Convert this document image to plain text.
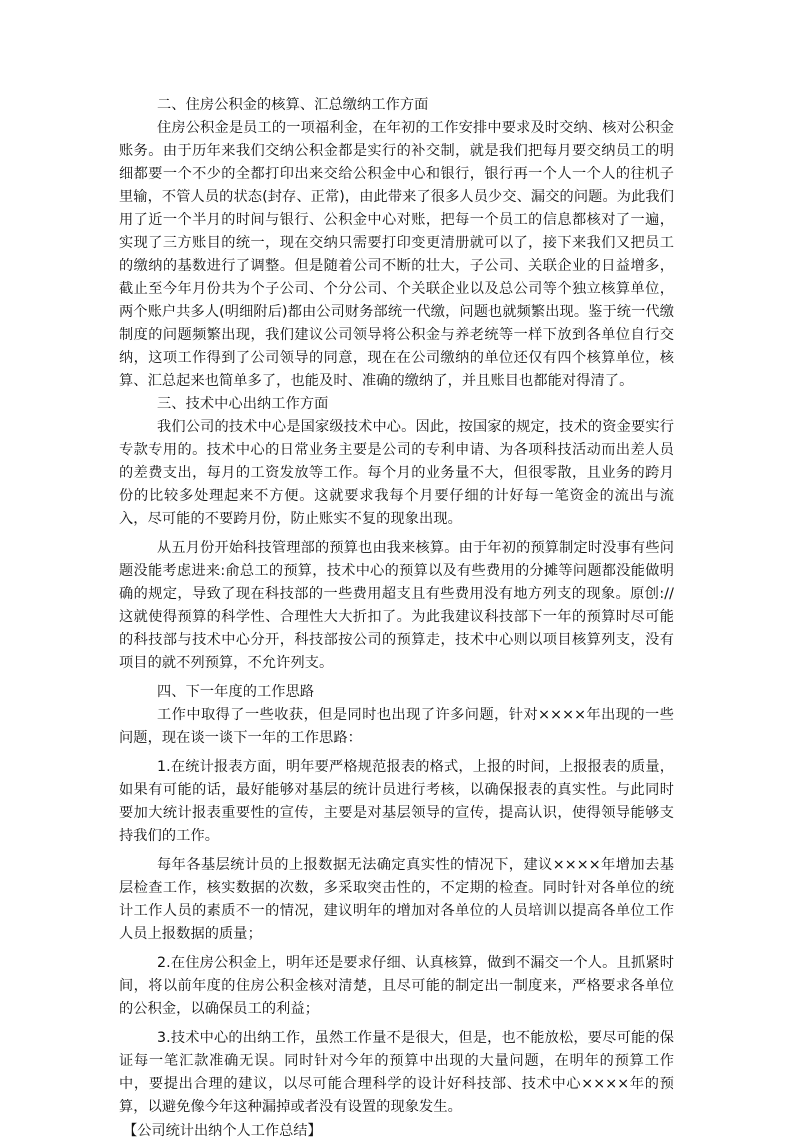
二、住房公积金的核算、汇总缴纳工作方面

住房公积金是员工的一项福利金，在年初的工作安排中要求及时交纳、核对公积金账务。由于历年来我们交纳公积金都是实行的补交制，就是我们把每月要交纳员工的明细都要一个不少的全都打印出来交给公积金中心和银行，银行再一个人一个人的往机子里输，不管人员的状态(封存、正常)，由此带来了很多人员少交、漏交的问题。为此我们用了近一个半月的时间与银行、公积金中心对账，把每一个员工的信息都核对了一遍，实现了三方账目的统一，现在交纳只需要打印变更清册就可以了，接下来我们又把员工的缴纳的基数进行了调整。但是随着公司不断的壮大，子公司、关联企业的日益增多，截止至今年月份共为个子公司、个分公司、个关联企业以及总公司等个独立核算单位，两个账户共多人(明细附后)都由公司财务部统一代缴，问题也就频繁出现。鉴于统一代缴制度的问题频繁出现，我们建议公司领导将公积金与养老统等一样下放到各单位自行交纳，这项工作得到了公司领导的同意，现在在公司缴纳的单位还仅有四个核算单位，核算、汇总起来也简单多了，也能及时、准确的缴纳了，并且账目也都能对得清了。

三、技术中心出纳工作方面

我们公司的技术中心是国家级技术中心。因此，按国家的规定，技术的资金要实行专款专用的。技术中心的日常业务主要是公司的专利申请、为各项科技活动而出差人员的差费支出，每月的工资发放等工作。每个月的业务量不大，但很零散，且业务的跨月份的比较多处理起来不方便。这就要求我每个月要仔细的计好每一笔资金的流出与流入，尽可能的不要跨月份，防止账实不复的现象出现。

从五月份开始科技管理部的预算也由我来核算。由于年初的预算制定时没事有些问题没能考虑进来:俞总工的预算，技术中心的预算以及有些费用的分摊等问题都没能做明确的规定，导致了现在科技部的一些费用超支且有些费用没有地方列支的现象。原创://这就使得预算的科学性、合理性大大折扣了。为此我建议科技部下一年的预算时尽可能的科技部与技术中心分开，科技部按公司的预算走，技术中心则以项目核算列支，没有项目的就不列预算，不允许列支。

四、下一年度的工作思路

工作中取得了一些收获，但是同时也出现了许多问题，针对××××年出现的一些问题，现在谈一谈下一年的工作思路：

1.在统计报表方面，明年要严格规范报表的格式，上报的时间，上报报表的质量，如果有可能的话，最好能够对基层的统计员进行考核，以确保报表的真实性。与此同时要加大统计报表重要性的宣传，主要是对基层领导的宣传，提高认识，使得领导能够支持我们的工作。

每年各基层统计员的上报数据无法确定真实性的情况下，建议××××年增加去基层检查工作，核实数据的次数，多采取突击性的，不定期的检查。同时针对各单位的统计工作人员的素质不一的情况，建议明年的增加对各单位的人员培训以提高各单位工作人员上报数据的质量；

2.在住房公积金上，明年还是要求仔细、认真核算，做到不漏交一个人。且抓紧时间，将以前年度的住房公积金核对清楚，且尽可能的制定出一制度来，严格要求各单位的公积金，以确保员工的利益；

3.技术中心的出纳工作，虽然工作量不是很大，但是，也不能放松，要尽可能的保证每一笔汇款准确无误。同时针对今年的预算中出现的大量问题，在明年的预算工作中，要提出合理的建议，以尽可能合理科学的设计好科技部、技术中心××××年的预算，以避免像今年这种漏掉或者没有设置的现象发生。

【公司统计出纳个人工作总结】
